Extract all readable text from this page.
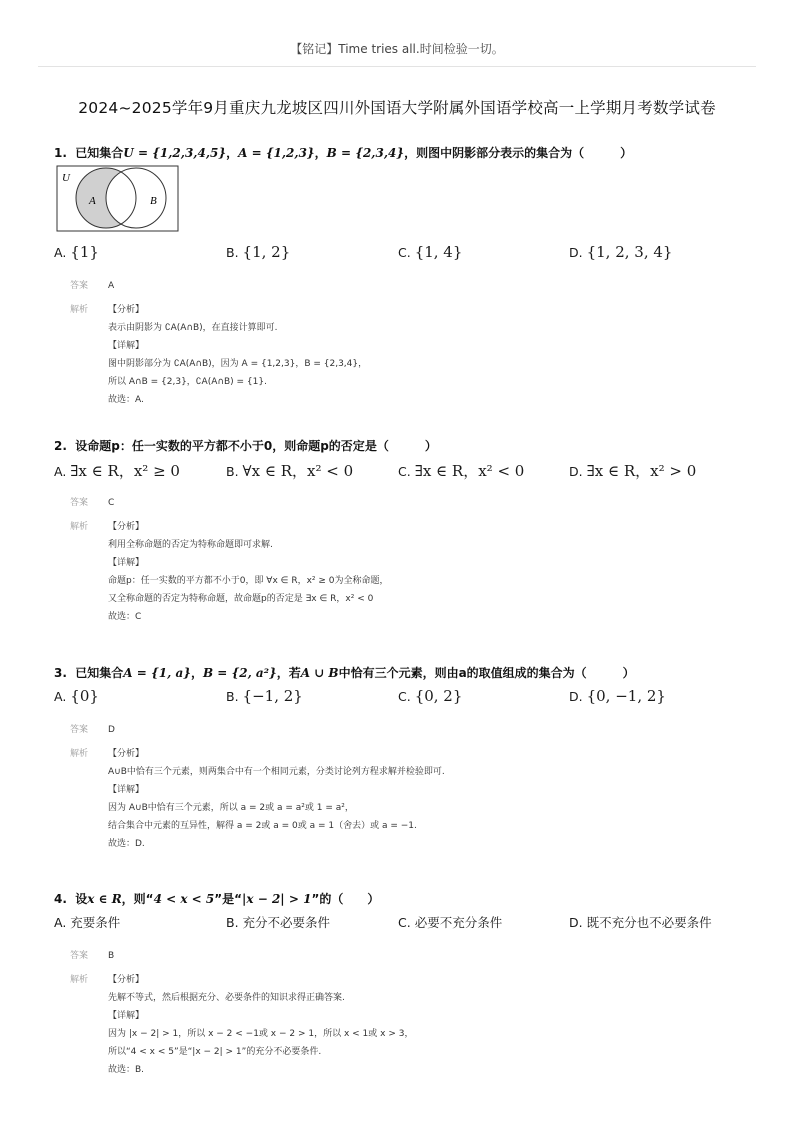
【铭记】Time tries all.时间检验一切。
2024~2025学年9月重庆九龙坡区四川外国语大学附属外国语学校高一上学期月考数学试卷
1. 已知集合U = {1,2,3,4,5}，A = {1,2,3}，B = {2,3,4}，则图中阴影部分表示的集合为（　　　）
U
A	B
A. {1}	B. {1, 2}	C. {1, 4}	D. {1, 2, 3, 4}
答案	A
解析	【分析】
表示由阴影为 ∁A(A∩B)，在直接计算即可.
【详解】
图中阴影部分为 ∁A(A∩B)，因为 A = {1,2,3}，B = {2,3,4}，
所以 A∩B = {2,3}，∁A(A∩B) = {1}.
故选：A.
2. 设命题p：任一实数的平方都不小于0，则命题p的否定是（　　　）
A. ∃x ∈ R，x² ≥ 0	B. ∀x ∈ R，x² < 0	C. ∃x ∈ R，x² < 0	D. ∃x ∈ R，x² > 0
答案	C
解析	【分析】
利用全称命题的否定为特称命题即可求解.
【详解】
命题p：任一实数的平方都不小于0，即 ∀x ∈ R，x² ≥ 0为全称命题，
又全称命题的否定为特称命题，故命题p的否定是 ∃x ∈ R，x² < 0
故选：C
3. 已知集合A = {1, a}，B = {2, a²}，若A ∪ B中恰有三个元素，则由a的取值组成的集合为（　　　）
A. {0}	B. {−1, 2}	C. {0, 2}	D. {0, −1, 2}
答案	D
解析	【分析】
A∪B中恰有三个元素，则两集合中有一个相同元素，分类讨论列方程求解并检验即可.
【详解】
因为 A∪B中恰有三个元素，所以 a = 2或 a = a²或 1 = a²，
结合集合中元素的互异性，解得 a = 2或 a = 0或 a = 1（舍去）或 a = −1.
故选：D.
4. 设x ∈ R，则“4 < x < 5”是“|x − 2| > 1”的（　　）
A. 充要条件	B. 充分不必要条件	C. 必要不充分条件	D. 既不充分也不必要条件
答案	B
解析	【分析】
先解不等式，然后根据充分、必要条件的知识求得正确答案.
【详解】
因为 |x − 2| > 1，所以 x − 2 < −1或 x − 2 > 1，所以 x < 1或 x > 3，
所以“4 < x < 5”是“|x − 2| > 1”的充分不必要条件.
故选：B.
